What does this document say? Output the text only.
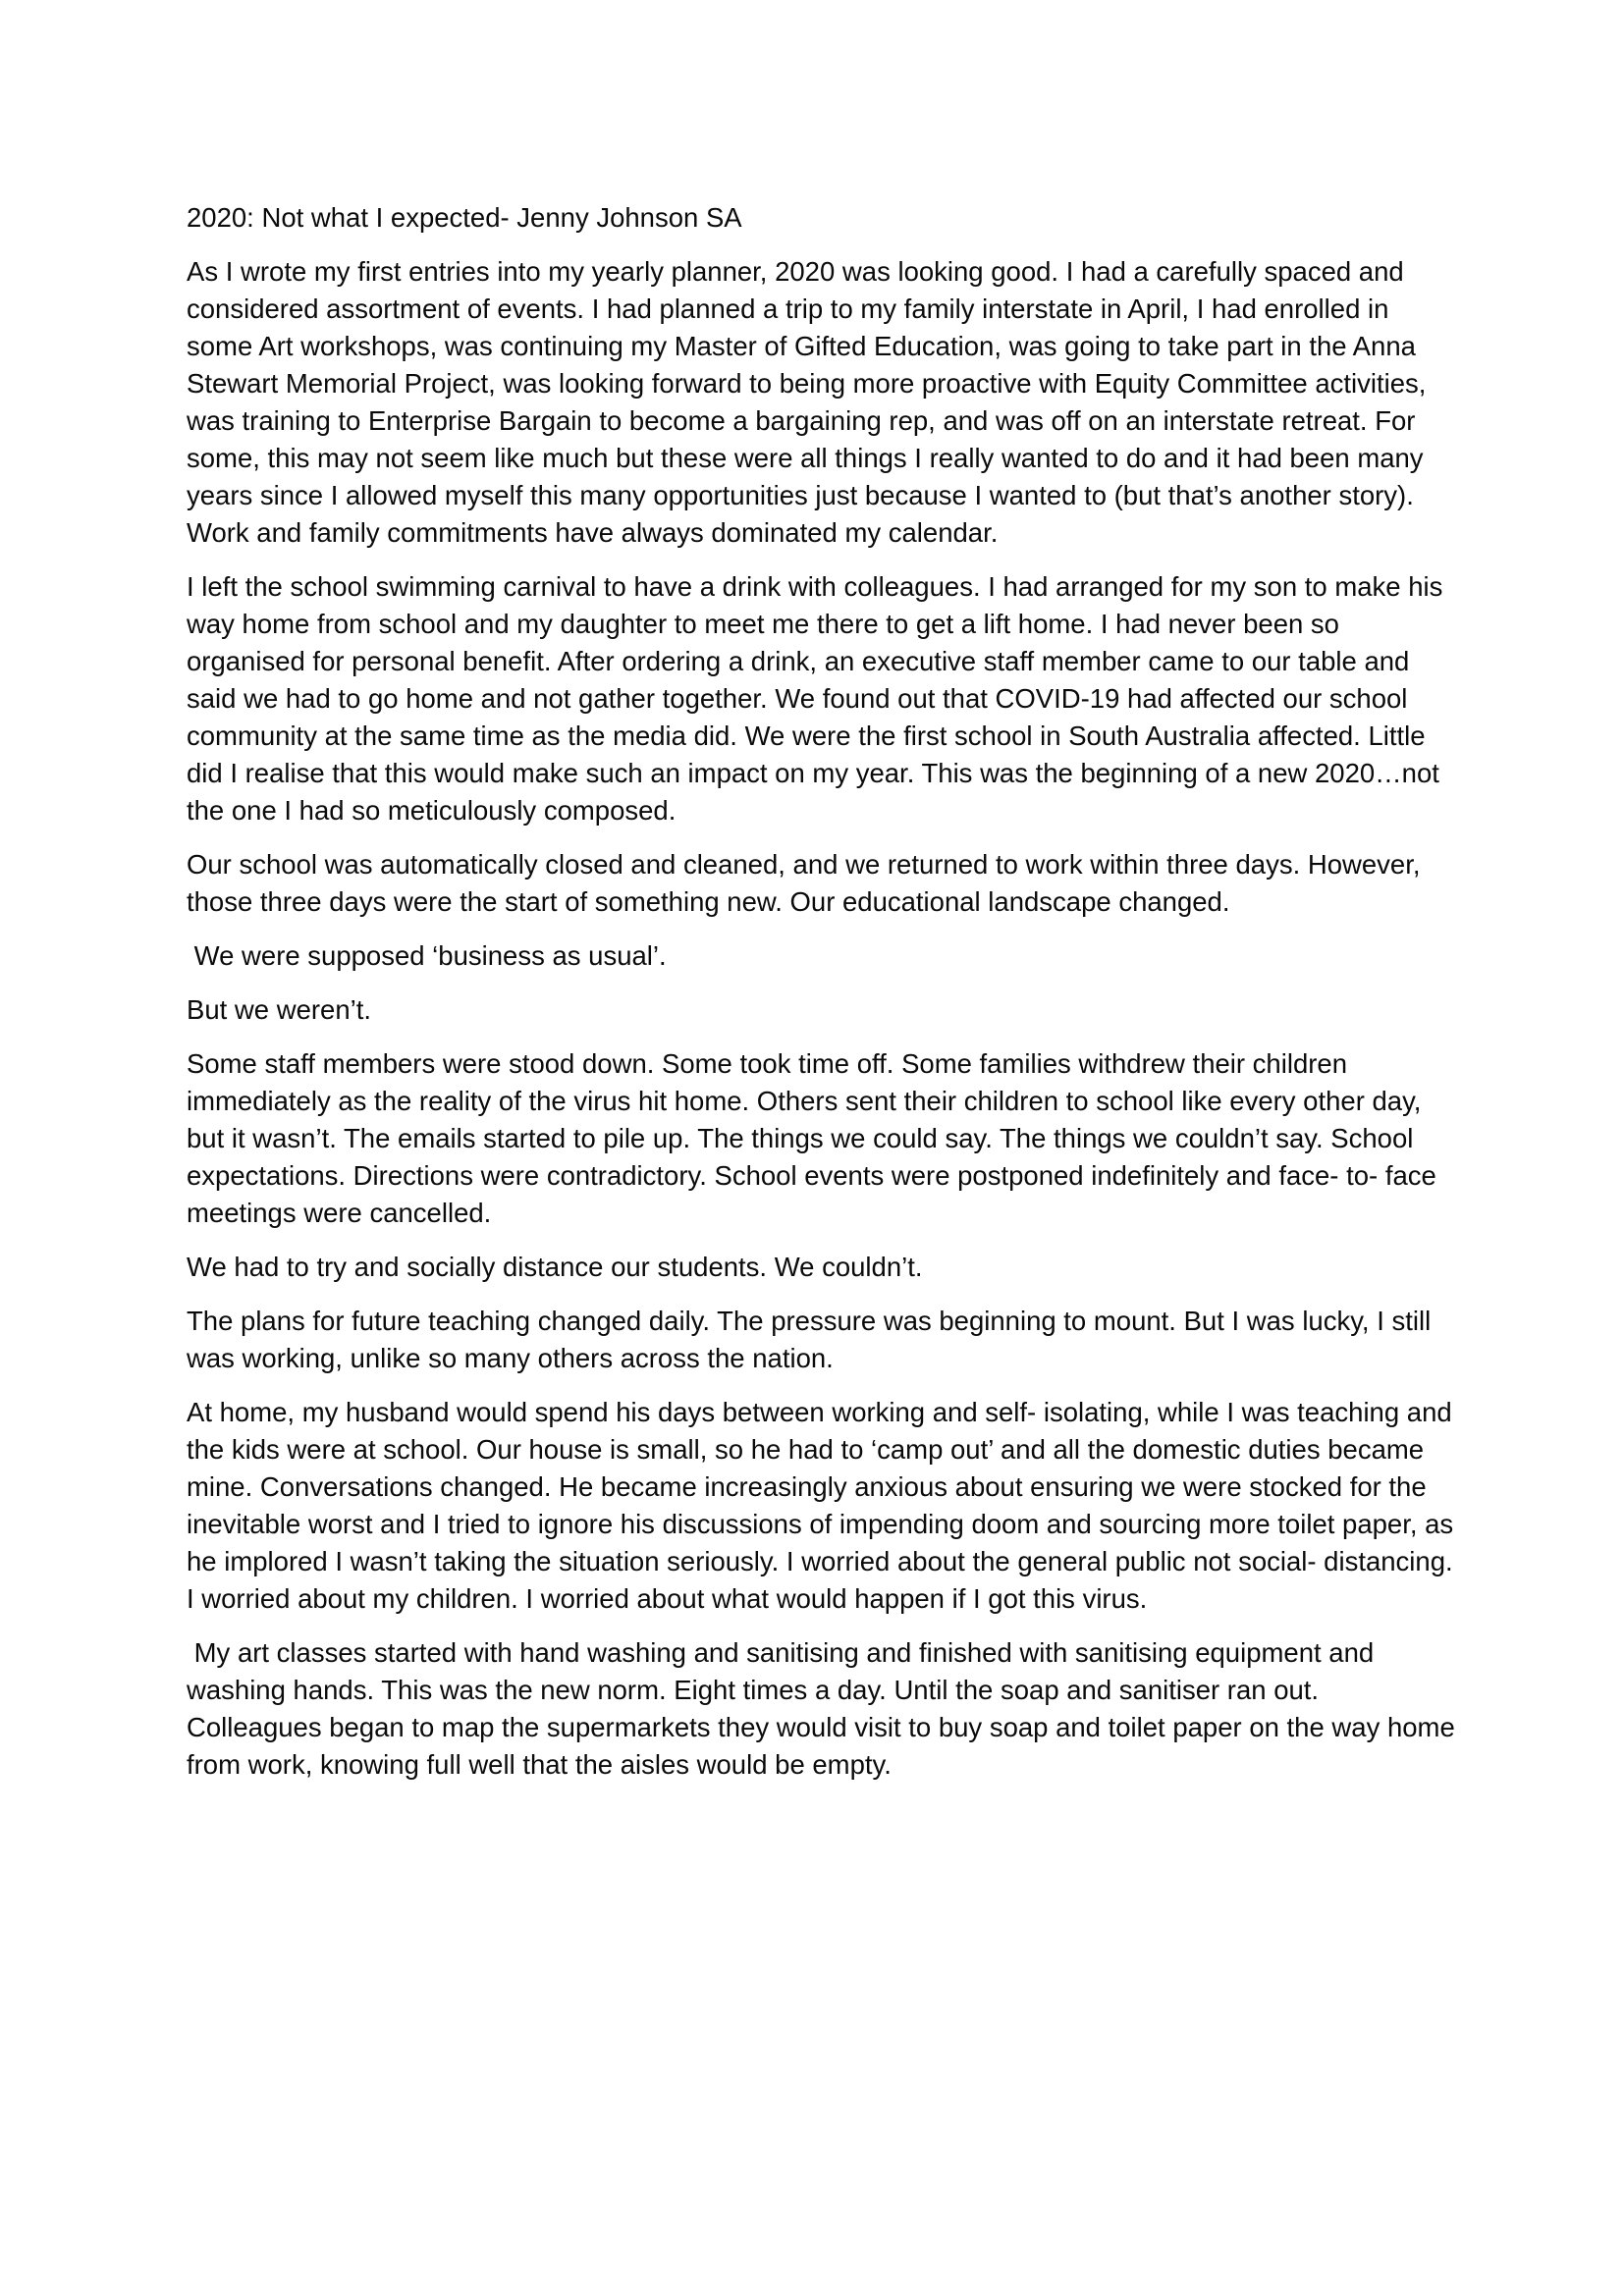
2020: Not what I expected- Jenny Johnson SA

As I wrote my first entries into my yearly planner, 2020 was looking good. I had a carefully spaced and considered assortment of events. I had planned a trip to my family interstate in April, I had enrolled in some Art workshops, was continuing my Master of Gifted Education, was going to take part in the Anna Stewart Memorial Project, was looking forward to being more proactive with Equity Committee activities, was training to Enterprise Bargain to become a bargaining rep, and was off on an interstate retreat. For some, this may not seem like much but these were all things I really wanted to do and it had been many years since I allowed myself this many opportunities just because I wanted to (but that’s another story). Work and family commitments have always dominated my calendar.

I left the school swimming carnival to have a drink with colleagues. I had arranged for my son to make his way home from school and my daughter to meet me there to get a lift home. I had never been so organised for personal benefit. After ordering a drink, an executive staff member came to our table and said we had to go home and not gather together. We found out that COVID-19 had affected our school community at the same time as the media did. We were the first school in South Australia affected. Little did I realise that this would make such an impact on my year. This was the beginning of a new 2020…not the one I had so meticulously composed.

Our school was automatically closed and cleaned, and we returned to work within three days. However, those three days were the start of something new. Our educational landscape changed.

We were supposed ‘business as usual’.

But we weren’t.

Some staff members were stood down. Some took time off. Some families withdrew their children immediately as the reality of the virus hit home. Others sent their children to school like every other day, but it wasn’t. The emails started to pile up. The things we could say. The things we couldn’t say. School expectations. Directions were contradictory. School events were postponed indefinitely and face- to- face meetings were cancelled.

We had to try and socially distance our students. We couldn’t.

The plans for future teaching changed daily. The pressure was beginning to mount. But I was lucky, I still was working, unlike so many others across the nation.

At home, my husband would spend his days between working and self- isolating, while I was teaching and the kids were at school. Our house is small, so he had to ‘camp out’ and all the domestic duties became mine. Conversations changed. He became increasingly anxious about ensuring we were stocked for the inevitable worst and I tried to ignore his discussions of impending doom and sourcing more toilet paper, as he implored I wasn’t taking the situation seriously. I worried about the general public not social- distancing. I worried about my children. I worried about what would happen if I got this virus.

My art classes started with hand washing and sanitising and finished with sanitising equipment and washing hands. This was the new norm. Eight times a day. Until the soap and sanitiser ran out. Colleagues began to map the supermarkets they would visit to buy soap and toilet paper on the way home from work, knowing full well that the aisles would be empty.
